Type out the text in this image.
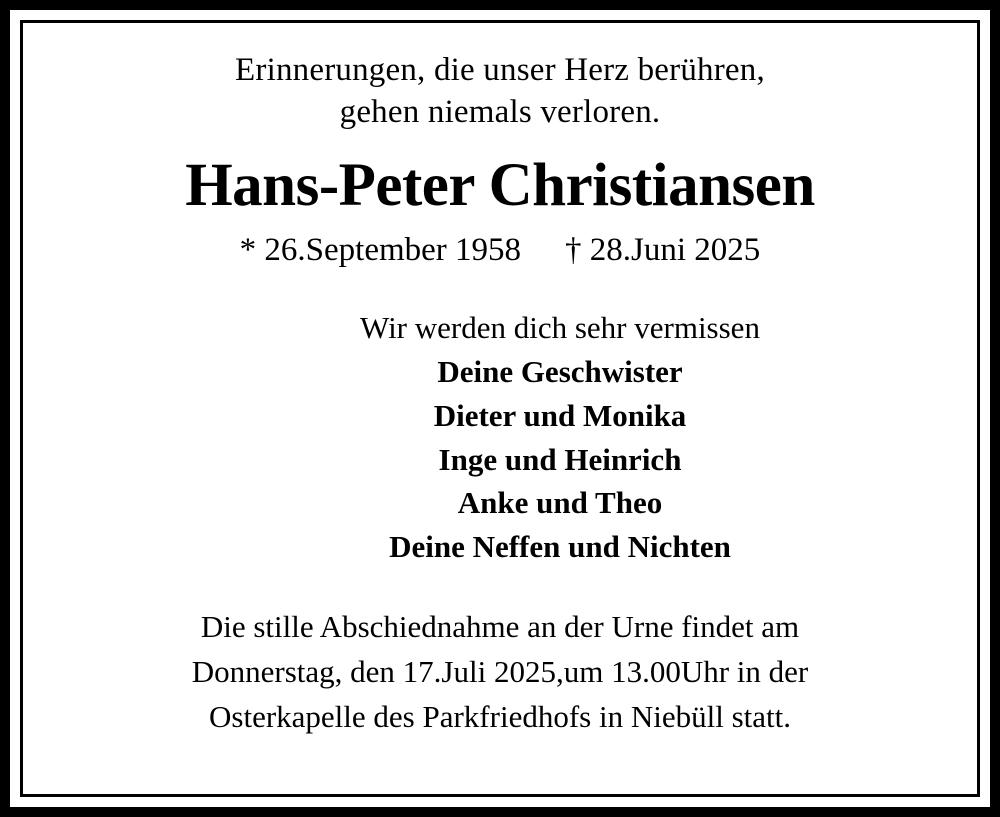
Erinnerungen, die unser Herz berühren,
gehen niemals verloren.
Hans-Peter Christiansen
* 26.September 1958 † 28.Juni 2025
Wir werden dich sehr vermissen
Deine Geschwister
Dieter und Monika
Inge und Heinrich
Anke und Theo
Deine Neffen und Nichten
Die stille Abschiednahme an der Urne findet am
Donnerstag, den 17.Juli 2025,um 13.00Uhr in der
Osterkapelle des Parkfriedhofs in Niebüll statt.
